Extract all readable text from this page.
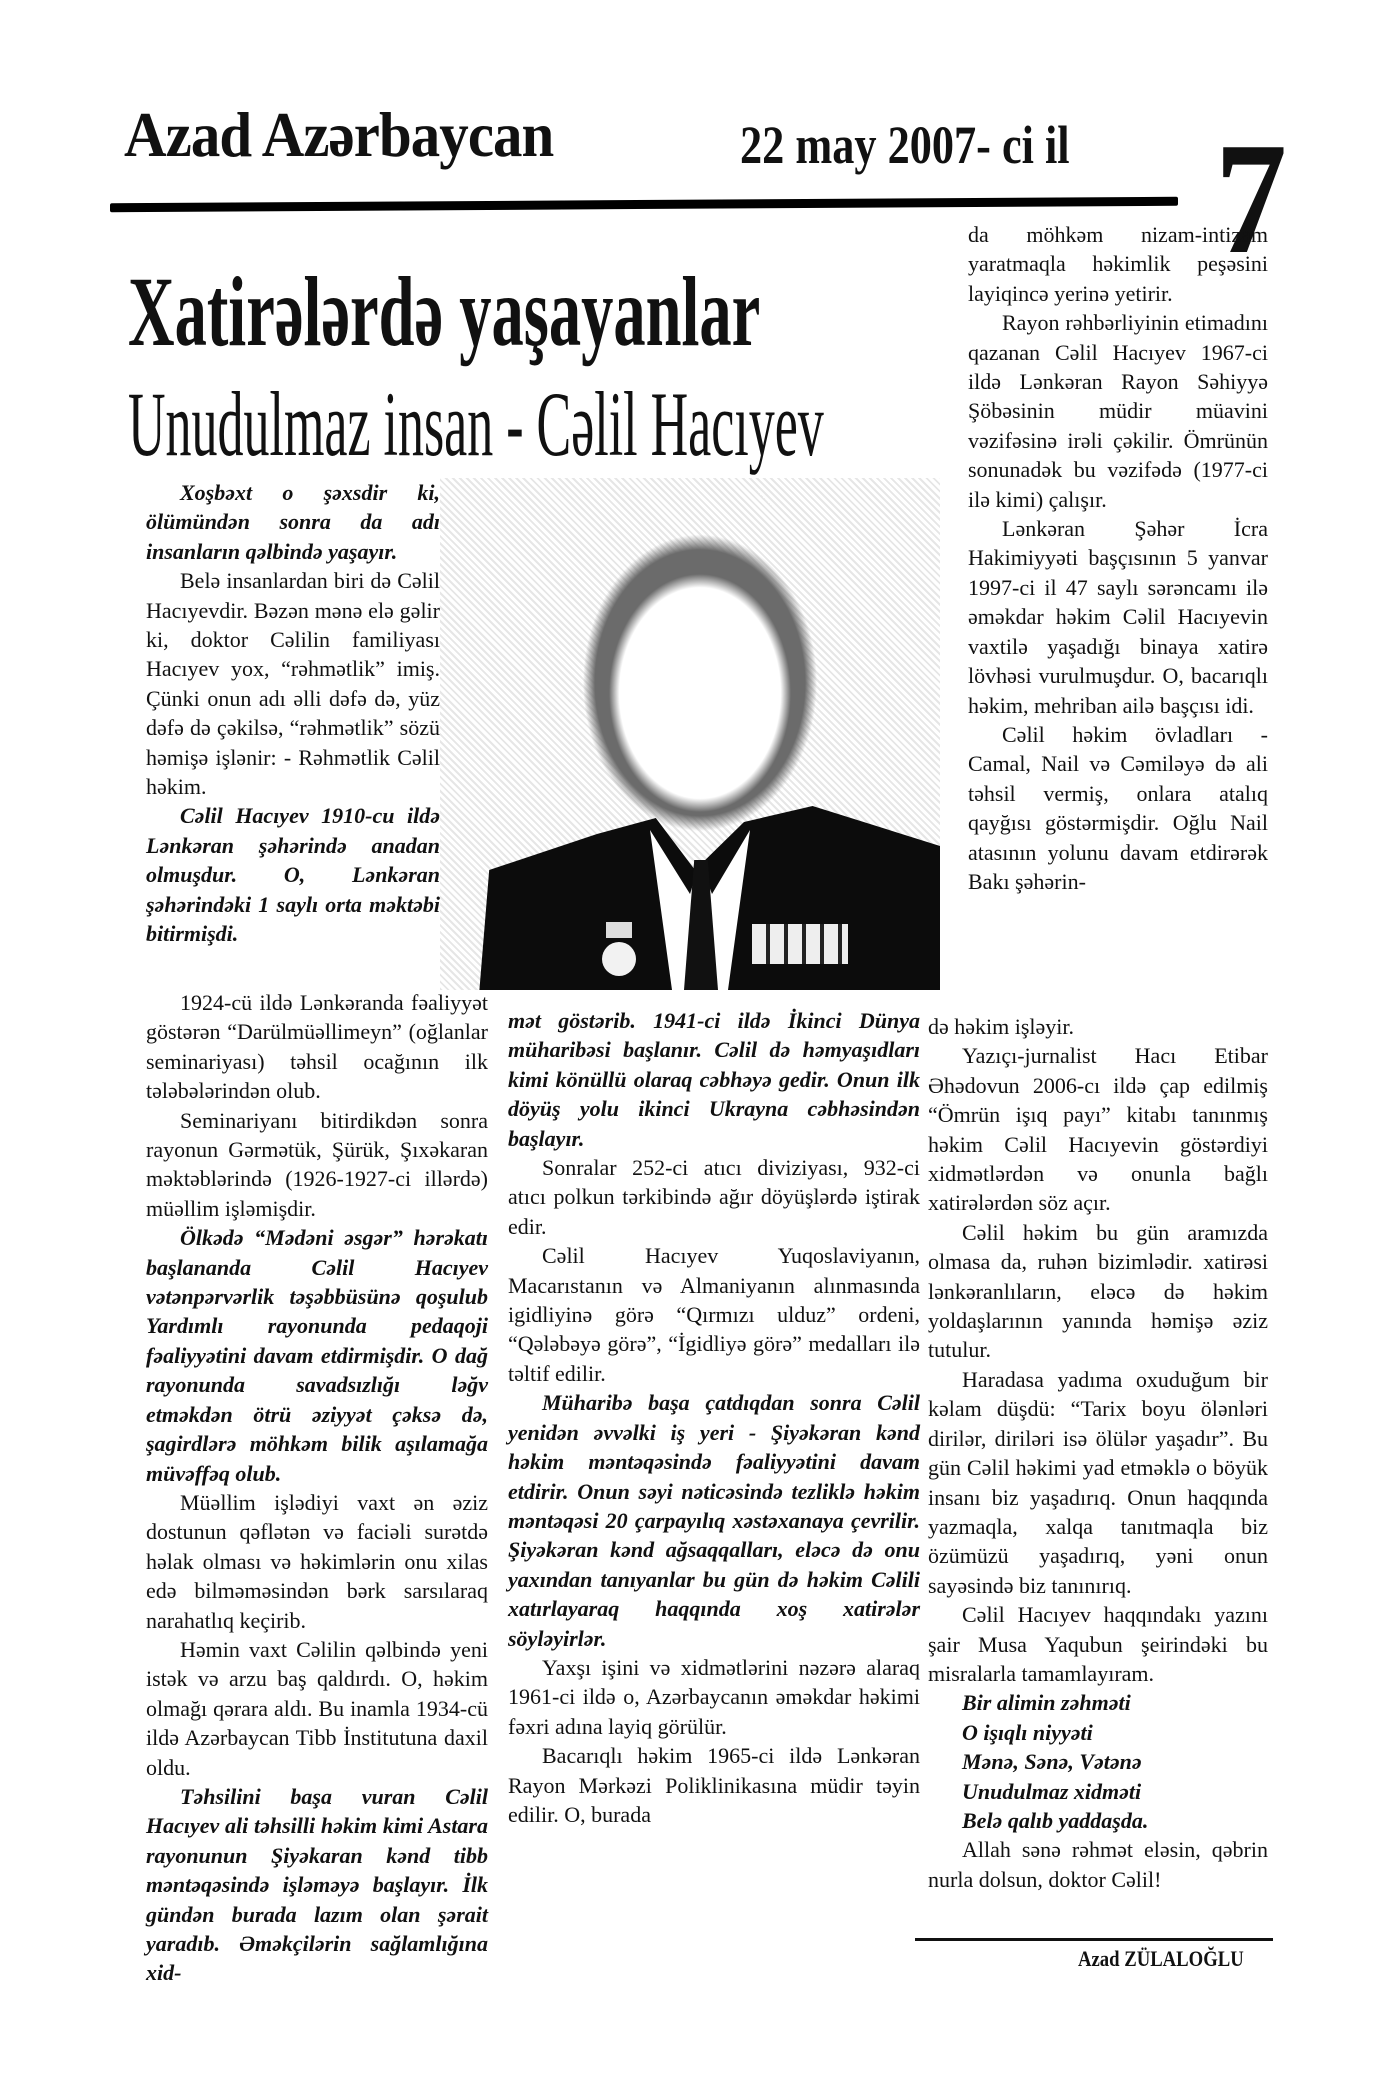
Azad Azərbaycan	22 may 2007- ci il 7
Xatirələrdə yaşayanlar
Unudulmaz insan - Cəlil Hacıyev

Xoşbəxt o şəxsdir ki, ölümündən sonra da adı insanların qəlbində yaşayır.

Belə insanlardan biri də Cəlil Hacıyevdir. Bəzən mənə elə gəlir ki, doktor Cəlilin familiyası Hacıyev yox, “rəhmətlik” imiş. Çünki onun adı əlli dəfə də, yüz dəfə də çəkilsə, “rəhmətlik” sözü həmişə işlənir: - Rəhmətlik Cəlil həkim.

Cəlil Hacıyev 1910-cu ildə Lənkəran şəhərində anadan olmuşdur. O, Lənkəran şəhərindəki 1 saylı orta məktəbi bitirmişdi.

1924-cü ildə Lənkəranda fəaliyyət göstərən “Darülmüəllimeyn” (oğlanlar seminariyası) təhsil ocağının ilk tələbələrindən olub.

Seminariyanı bitirdikdən sonra rayonun Gərmətük, Şürük, Şıxəkaran məktəblərində (1926-1927-ci illərdə) müəllim işləmişdir.

Ölkədə “Mədəni əsgər” hərəkatı başlananda Cəlil Hacıyev vətənpərvərlik təşəbbüsünə qoşulub Yardımlı rayonunda pedaqoji fəaliyyətini davam etdirmişdir. O dağ rayonunda savadsızlığı ləğv etməkdən ötrü əziyyət çəksə də, şagirdlərə möhkəm bilik aşılamağa müvəffəq olub.

Müəllim işlədiyi vaxt ən əziz dostunun qəflətən və faciəli surətdə həlak olması və həkimlərin onu xilas edə bilməməsindən bərk sarsılaraq narahatlıq keçirib.

Həmin vaxt Cəlilin qəlbində yeni istək və arzu baş qaldırdı. O, həkim olmağı qərara aldı. Bu inamla 1934-cü ildə Azərbaycan Tibb İnstitutuna daxil oldu.

Təhsilini başa vuran Cəlil Hacıyev ali təhsilli həkim kimi Astara rayonunun Şiyəkaran kənd tibb məntəqəsində işləməyə başlayır. İlk gündən burada lazım olan şərait yaradıb. Əməkçilərin sağlamlığına xid-

mət göstərib. 1941-ci ildə İkinci Dünya müharibəsi başlanır. Cəlil də həmyaşıdları kimi könüllü olaraq cəbhəyə gedir. Onun ilk döyüş yolu ikinci Ukrayna cəbhəsindən başlayır.

Sonralar 252-ci atıcı diviziyası, 932-ci atıcı polkun tərkibində ağır döyüşlərdə iştirak edir.

Cəlil Hacıyev Yuqoslaviyanın, Macarıstanın və Almaniyanın alınmasında igidliyinə görə “Qırmızı ulduz” ordeni, “Qələbəyə görə”, “İgidliyə görə” medalları ilə təltif edilir.

Müharibə başa çatdıqdan sonra Cəlil yenidən əvvəlki iş yeri - Şiyəkəran kənd həkim məntəqəsində fəaliyyətini davam etdirir. Onun səyi nəticəsində tezliklə həkim məntəqəsi 20 çarpayılıq xəstəxanaya çevrilir. Şiyəkəran kənd ağsaqqalları, eləcə də onu yaxından tanıyanlar bu gün də həkim Cəlili xatırlayaraq haqqında xoş xatirələr söyləyirlər.

Yaxşı işini və xidmətlərini nəzərə alaraq 1961-ci ildə o, Azərbaycanın əməkdar həkimi fəxri adına layiq görülür.

Bacarıqlı həkim 1965-ci ildə Lənkəran Rayon Mərkəzi Poliklinikasına müdir təyin edilir. O, burada

da möhkəm nizam-intizam yaratmaqla həkimlik peşəsini layiqincə yerinə yetirir.

Rayon rəhbərliyinin etimadını qazanan Cəlil Hacıyev 1967-ci ildə Lənkəran Rayon Səhiyyə Şöbəsinin müdir müavini vəzifəsinə irəli çəkilir. Ömrünün sonunadək bu vəzifədə (1977-ci ilə kimi) çalışır.

Lənkəran Şəhər İcra Hakimiyyəti başçısının 5 yanvar 1997-ci il 47 saylı sərəncamı ilə əməkdar həkim Cəlil Hacıyevin vaxtilə yaşadığı binaya xatirə lövhəsi vurulmuşdur. O, bacarıqlı həkim, mehriban ailə başçısı idi.

Cəlil həkim övladları - Camal, Nail və Cəmiləyə də ali təhsil vermiş, onlara atalıq qayğısı göstərmişdir. Oğlu Nail atasının yolunu davam etdirərək Bakı şəhərin-

də həkim işləyir.

Yazıçı-jurnalist Hacı Etibar Əhədovun 2006-cı ildə çap edilmiş “Ömrün işıq payı” kitabı tanınmış həkim Cəlil Hacıyevin göstərdiyi xidmətlərdən və onunla bağlı xatirələrdən söz açır.

Cəlil həkim bu gün aramızda olmasa da, ruhən bizimlədir. xatirəsi lənkəranlıların, eləcə də həkim yoldaşlarının yanında həmişə əziz tutulur.

Haradasa yadıma oxuduğum bir kəlam düşdü: “Tarix boyu ölənləri dirilər, diriləri isə ölülər yaşadır”. Bu gün Cəlil həkimi yad etməklə o böyük insanı biz yaşadırıq. Onun haqqında yazmaqla, xalqa tanıtmaqla biz özümüzü yaşadırıq, yəni onun sayəsində biz tanınırıq.

Cəlil Hacıyev haqqındakı yazını şair Musa Yaqubun şeirindəki bu misralarla tamamlayıram.

Bir alimin zəhməti
O işıqlı niyyəti
Mənə, Sənə, Vətənə
Unudulmaz xidməti
Belə qalıb yaddaşda.

Allah sənə rəhmət eləsin, qəbrin nurla dolsun, doktor Cəlil!

Azad ZÜLALOĞLU
